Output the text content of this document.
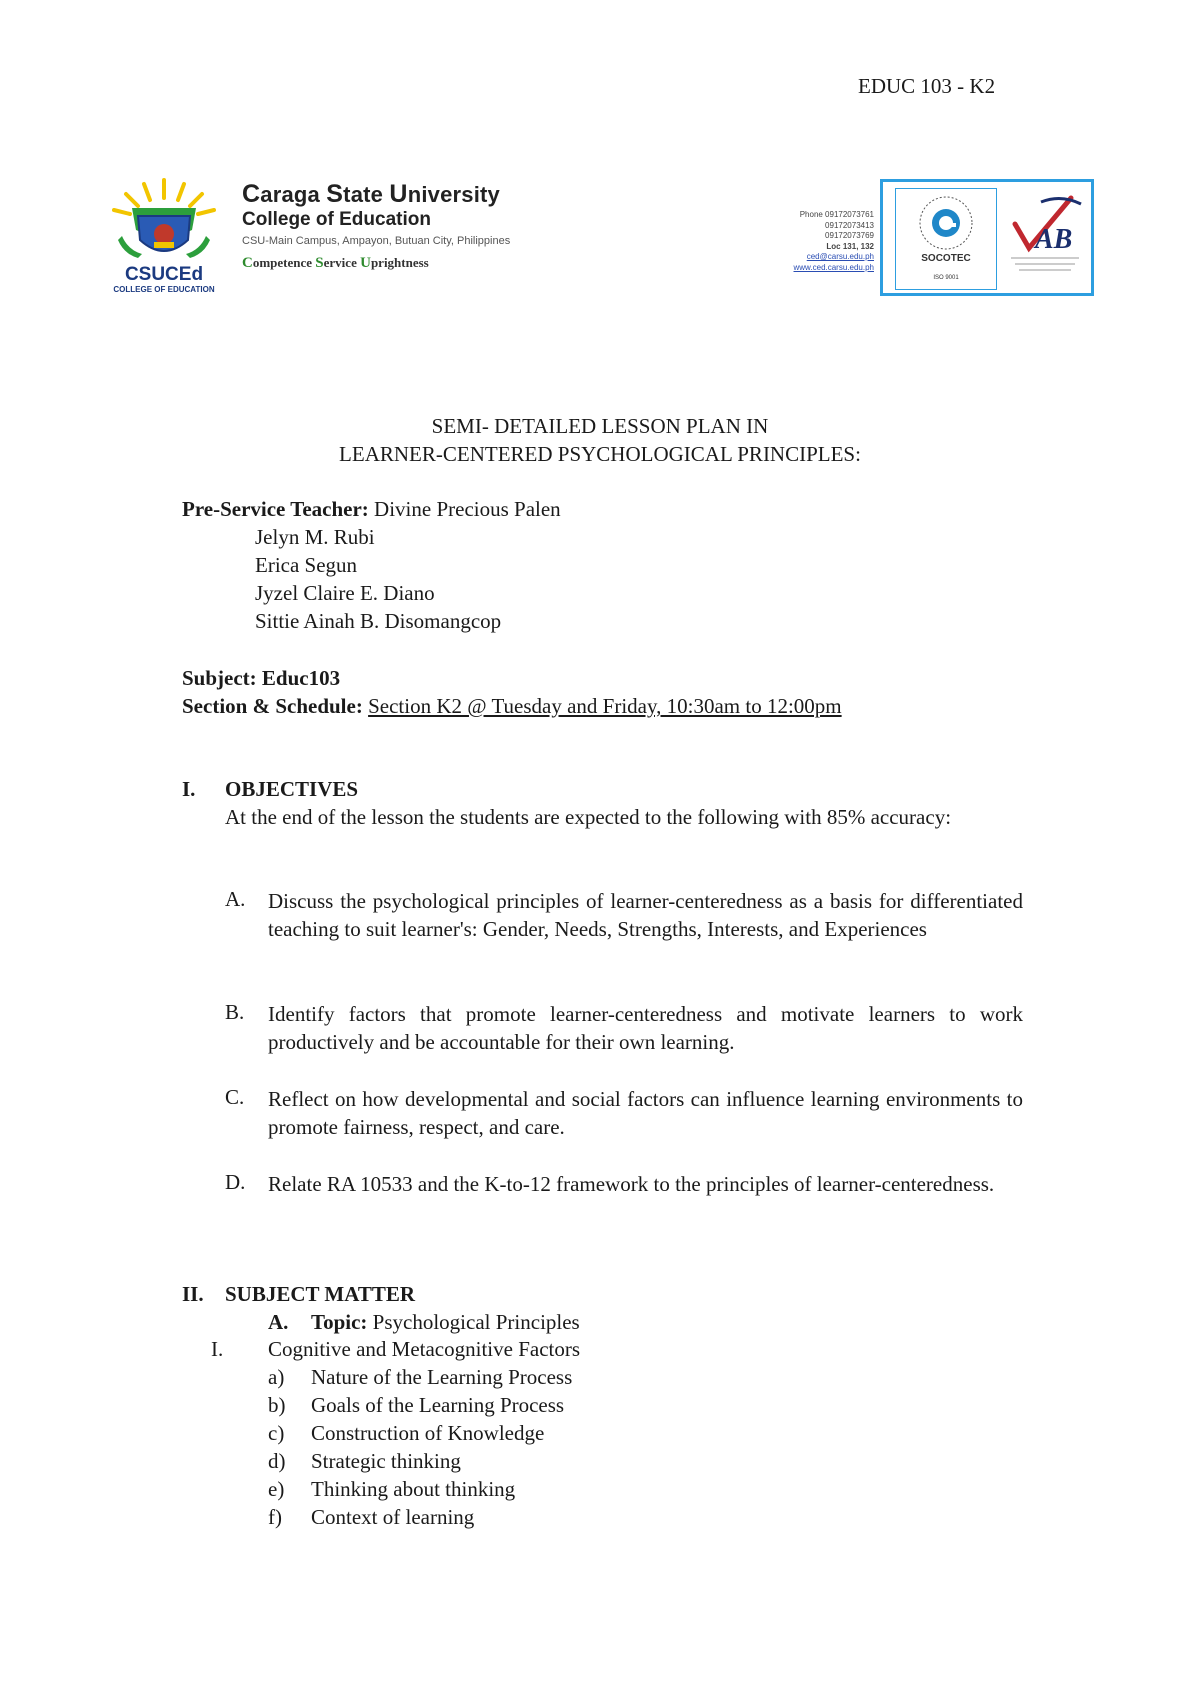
EDUC 103 - K2
CSUCEd
COLLEGE OF EDUCATION
Caraga State University
College of Education
CSU-Main Campus, Ampayon, Butuan City, Philippines
Competence Service Uprightness
Phone 09172073761
09172073413
09172073769
Loc 131, 132
ced@carsu.edu.ph
www.ced.carsu.edu.ph
SOCOTEC
ISO 9001
AB
SEMI- DETAILED LESSON PLAN IN
LEARNER-CENTERED PSYCHOLOGICAL PRINCIPLES:
Pre-Service Teacher: Divine Precious Palen
Jelyn M. Rubi
Erica Segun
Jyzel Claire E. Diano
Sittie Ainah B. Disomangcop
Subject: Educ103
Section & Schedule: Section K2 @ Tuesday and Friday, 10:30am to 12:00pm
I. OBJECTIVES
At the end of the lesson the students are expected to the following with 85% accuracy:
A. Discuss the psychological principles of learner-centeredness as a basis for differentiated teaching to suit learner's: Gender, Needs, Strengths, Interests, and Experiences
B. Identify factors that promote learner-centeredness and motivate learners to work productively and be accountable for their own learning.
C. Reflect on how developmental and social factors can influence learning environments to promote fairness, respect, and care.
D. Relate RA 10533 and the K-to-12 framework to the principles of learner-centeredness.
II. SUBJECT MATTER
A. Topic: Psychological Principles
I. Cognitive and Metacognitive Factors
a) Nature of the Learning Process
b) Goals of the Learning Process
c) Construction of Knowledge
d) Strategic thinking
e) Thinking about thinking
f) Context of learning
